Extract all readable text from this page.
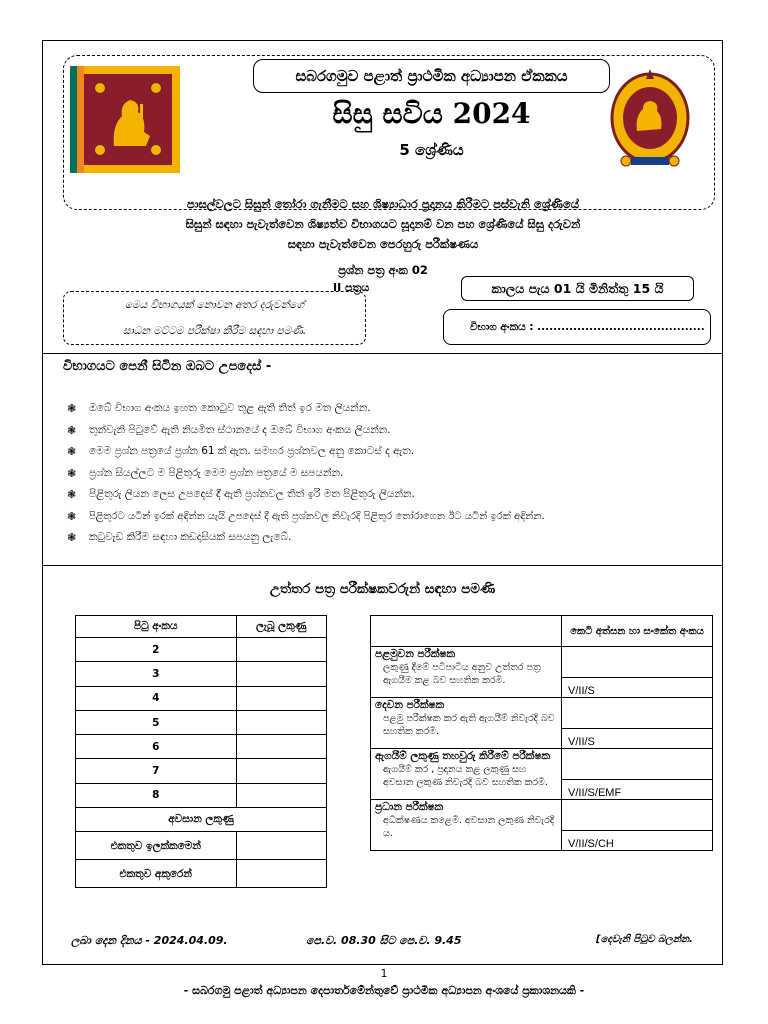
සබරගමුව පළාත් ප්‍රාථමික අධ්‍යාපන ඒකකය
සිසු සවිය 2024
5 ශ්‍රේණිය
පාසල්වලට සිසුන් තෝරා ගැනීමට සහ ශිෂ්‍යාධාර ප්‍රදානය කිරීමට පස්වැනි ශ්‍රේණියේ
සිසුන් සඳහා පැවැත්වෙන ශිෂ්‍යත්ව විභාගයට සූදානම් වන පහ ශ්‍රේණියේ සිසු දරුවන්
සඳහා පැවැත්වෙන පෙරහුරු පරීක්ෂණය
ප්‍රශ්න පත්‍ර අංක 02
II පත්‍රය
මෙය විභාගයක් නොවන අතර දරුවන්ගේ
සාධන මට්ටම පරීක්ෂා කිරීම සඳහා පමණි.
කාලය පැය 01 යි මිනිත්තු 15 යි
විභාග අංකය : ..........................................
විභාගයට පෙනී සිටින ඔබට උපදෙස් -
❃	ඔබේ විභාග අංකය ඉහත කොටුව තුළ ඇති තිත් ඉර මත ලියන්න.
❃	තුන්වැනි පිටුවේ ඇති නියමිත ස්ථානයේ ද ඔබේ විභාග අංකය ලියන්න.
❃	මෙම ප්‍රශ්න පත්‍රයේ ප්‍රශ්න 61 ක් ඇත. සමහර ප්‍රශ්නවල අනු කොටස් ද ඇත.
❃	ප්‍රශ්න සියල්ලට ම පිළිතුරු මෙම ප්‍රශ්න පත්‍රයේ ම සපයන්න.
❃	පිළිතුරු ලියන ලෙස උපදෙස් දී ඇති ප්‍රශ්නවල තිත් ඉරි මත පිළිතුරු ලියන්න.
❃	පිළිතුරට යටින් ඉරක් අඳින්න යැයි උපදෙස් දී ඇති ප්‍රශ්නවල නිවැරදි පිළිතුර තෝරාගෙන ඊට යටින් ඉරක් අඳින්න.
❃	කටුවැඩ කිරීම සඳහා කඩදාසියක් සපයනු ලැබේ.
උත්තර පත්‍ර පරීක්ෂකවරුන් සඳහා පමණි
පිටු අංකය	ලැබූ ලකුණු
2	
3	
4	
5	
6	
7	
8	
අවසාන ලකුණු	
එකතුව ඉලක්කමෙන්	
එකතුව අකුරෙන්	
	කෙටි අත්සන හා සංකේත අංකය

පළමුවන පරීක්ෂක
ලකුණු දීමේ පටිපාටිය අනුව උත්තර පත්‍ර ඇගයීම කළ බව සහතික කරමි.	

	V/II/S

දෙවන පරීක්ෂක
පළමු පරීක්ෂක කර ඇති ඇගයීම් නිවැරදි බව සහතික කරමි.	

	V/II/S

ඇගයීම් ලකුණු තහවුරු කිරීමේ පරීක්ෂක
ඇගයීම් කර , ප්‍රදානය කළ ලකුණු සහ අවසාන ලකුණ නිවැරදි බව සහතික කරමි.	

	V/II/S/EMF

ප්‍රධාන පරීක්ෂක
අධීක්ෂණය කළෙමි. අවසාන ලකුණ නිවැරදි ය.	

	V/II/S/CH
ලබා දෙන දිනය - 2024.04.09.	පෙ.ව. 08.30 සිට පෙ.ව. 9.45	[දෙවැනි පිටුව බලන්න.
1
- සබරගමු පළාත් අධ්‍යාපන දෙපාර්තමේන්තුවේ ප්‍රාථමික අධ්‍යාපන අංශයේ ප්‍රකාශනයකි -
